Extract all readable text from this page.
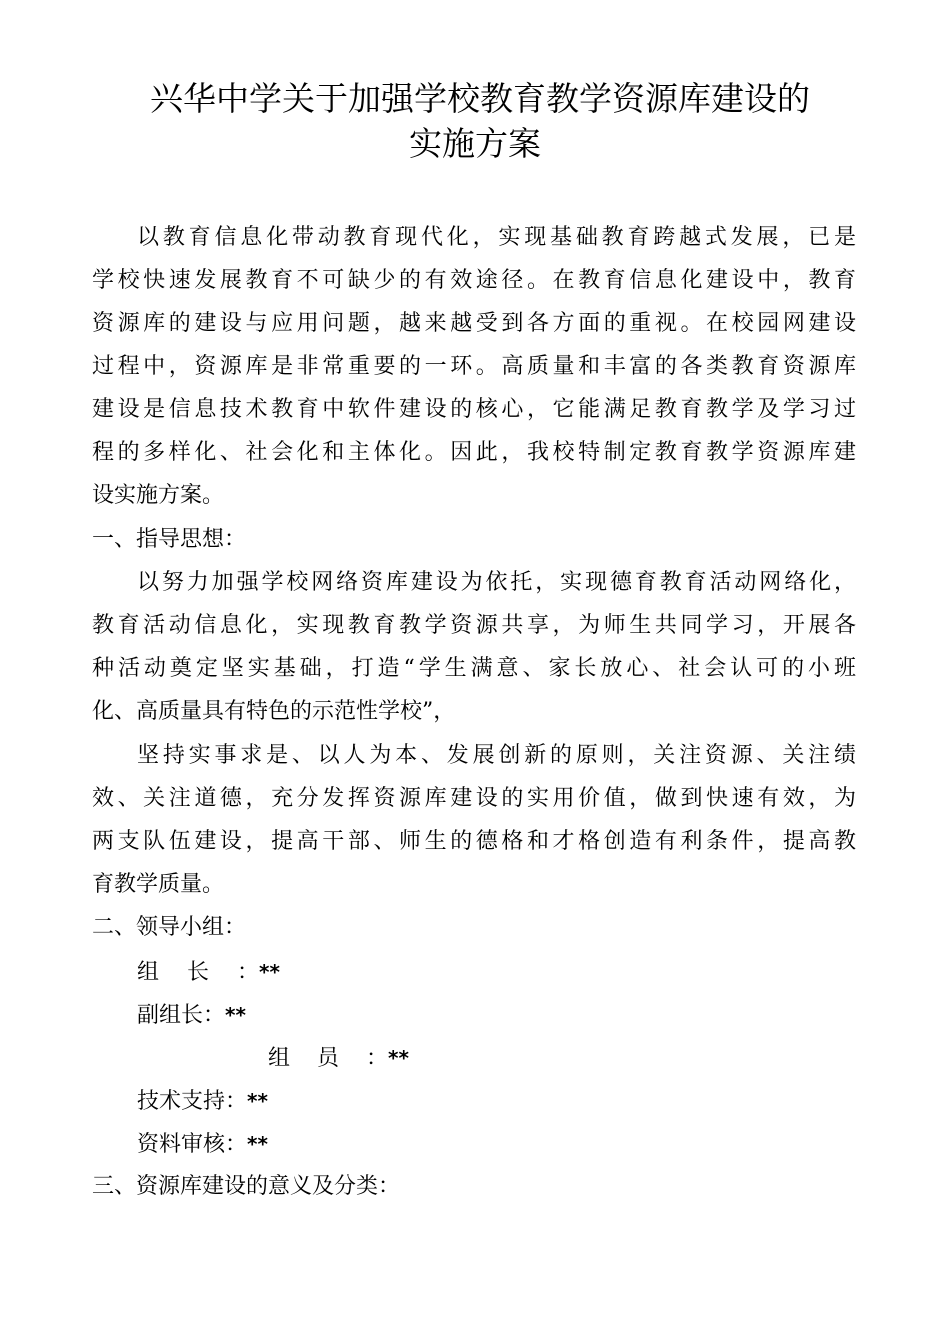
兴华中学关于加强学校教育教学资源库建设的
实施方案

以教育信息化带动教育现代化，实现基础教育跨越式发展，已是

学校快速发展教育不可缺少的有效途径。在教育信息化建设中，教育

资源库的建设与应用问题，越来越受到各方面的重视。在校园网建设

过程中，资源库是非常重要的一环。高质量和丰富的各类教育资源库

建设是信息技术教育中软件建设的核心，它能满足教育教学及学习过

程的多样化、社会化和主体化。因此，我校特制定教育教学资源库建

设实施方案。

一、指导思想：

以努力加强学校网络资库建设为依托，实现德育教育活动网络化，

教育活动信息化，实现教育教学资源共享，为师生共同学习，开展各

种活动奠定坚实基础，打造“学生满意、家长放心、社会认可的小班

化、高质量具有特色的示范性学校”，

坚持实事求是、以人为本、发展创新的原则，关注资源、关注绩

效、关注道德，充分发挥资源库建设的实用价值，做到快速有效，为

两支队伍建设，提高干部、师生的德格和才格创造有利条件，提高教

育教学质量。

二、领导小组：

组长：**

副组长：**

组员：**

技术支持：**

资料审核：**

三、资源库建设的意义及分类：
